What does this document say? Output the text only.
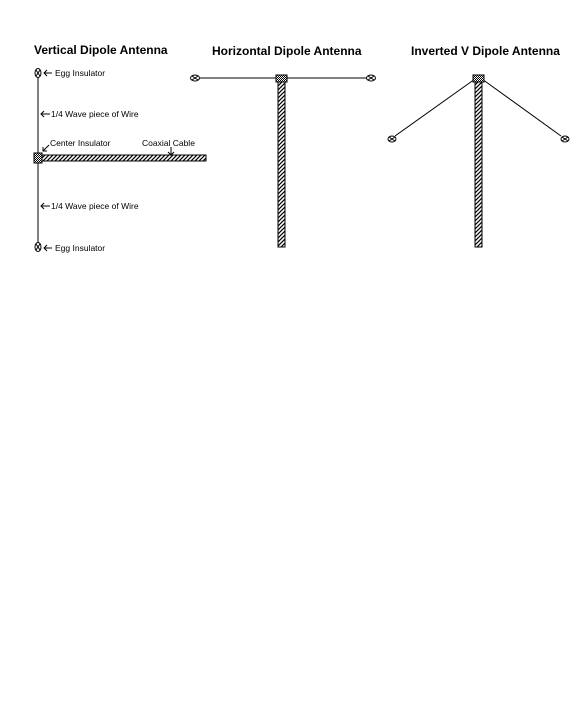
Vertical Dipole Antenna
Egg Insulator
1/4 Wave piece of Wire
Center Insulator	Coaxial Cable
1/4 Wave piece of Wire
Egg Insulator
Horizontal Dipole Antenna	Inverted V Dipole Antenna
